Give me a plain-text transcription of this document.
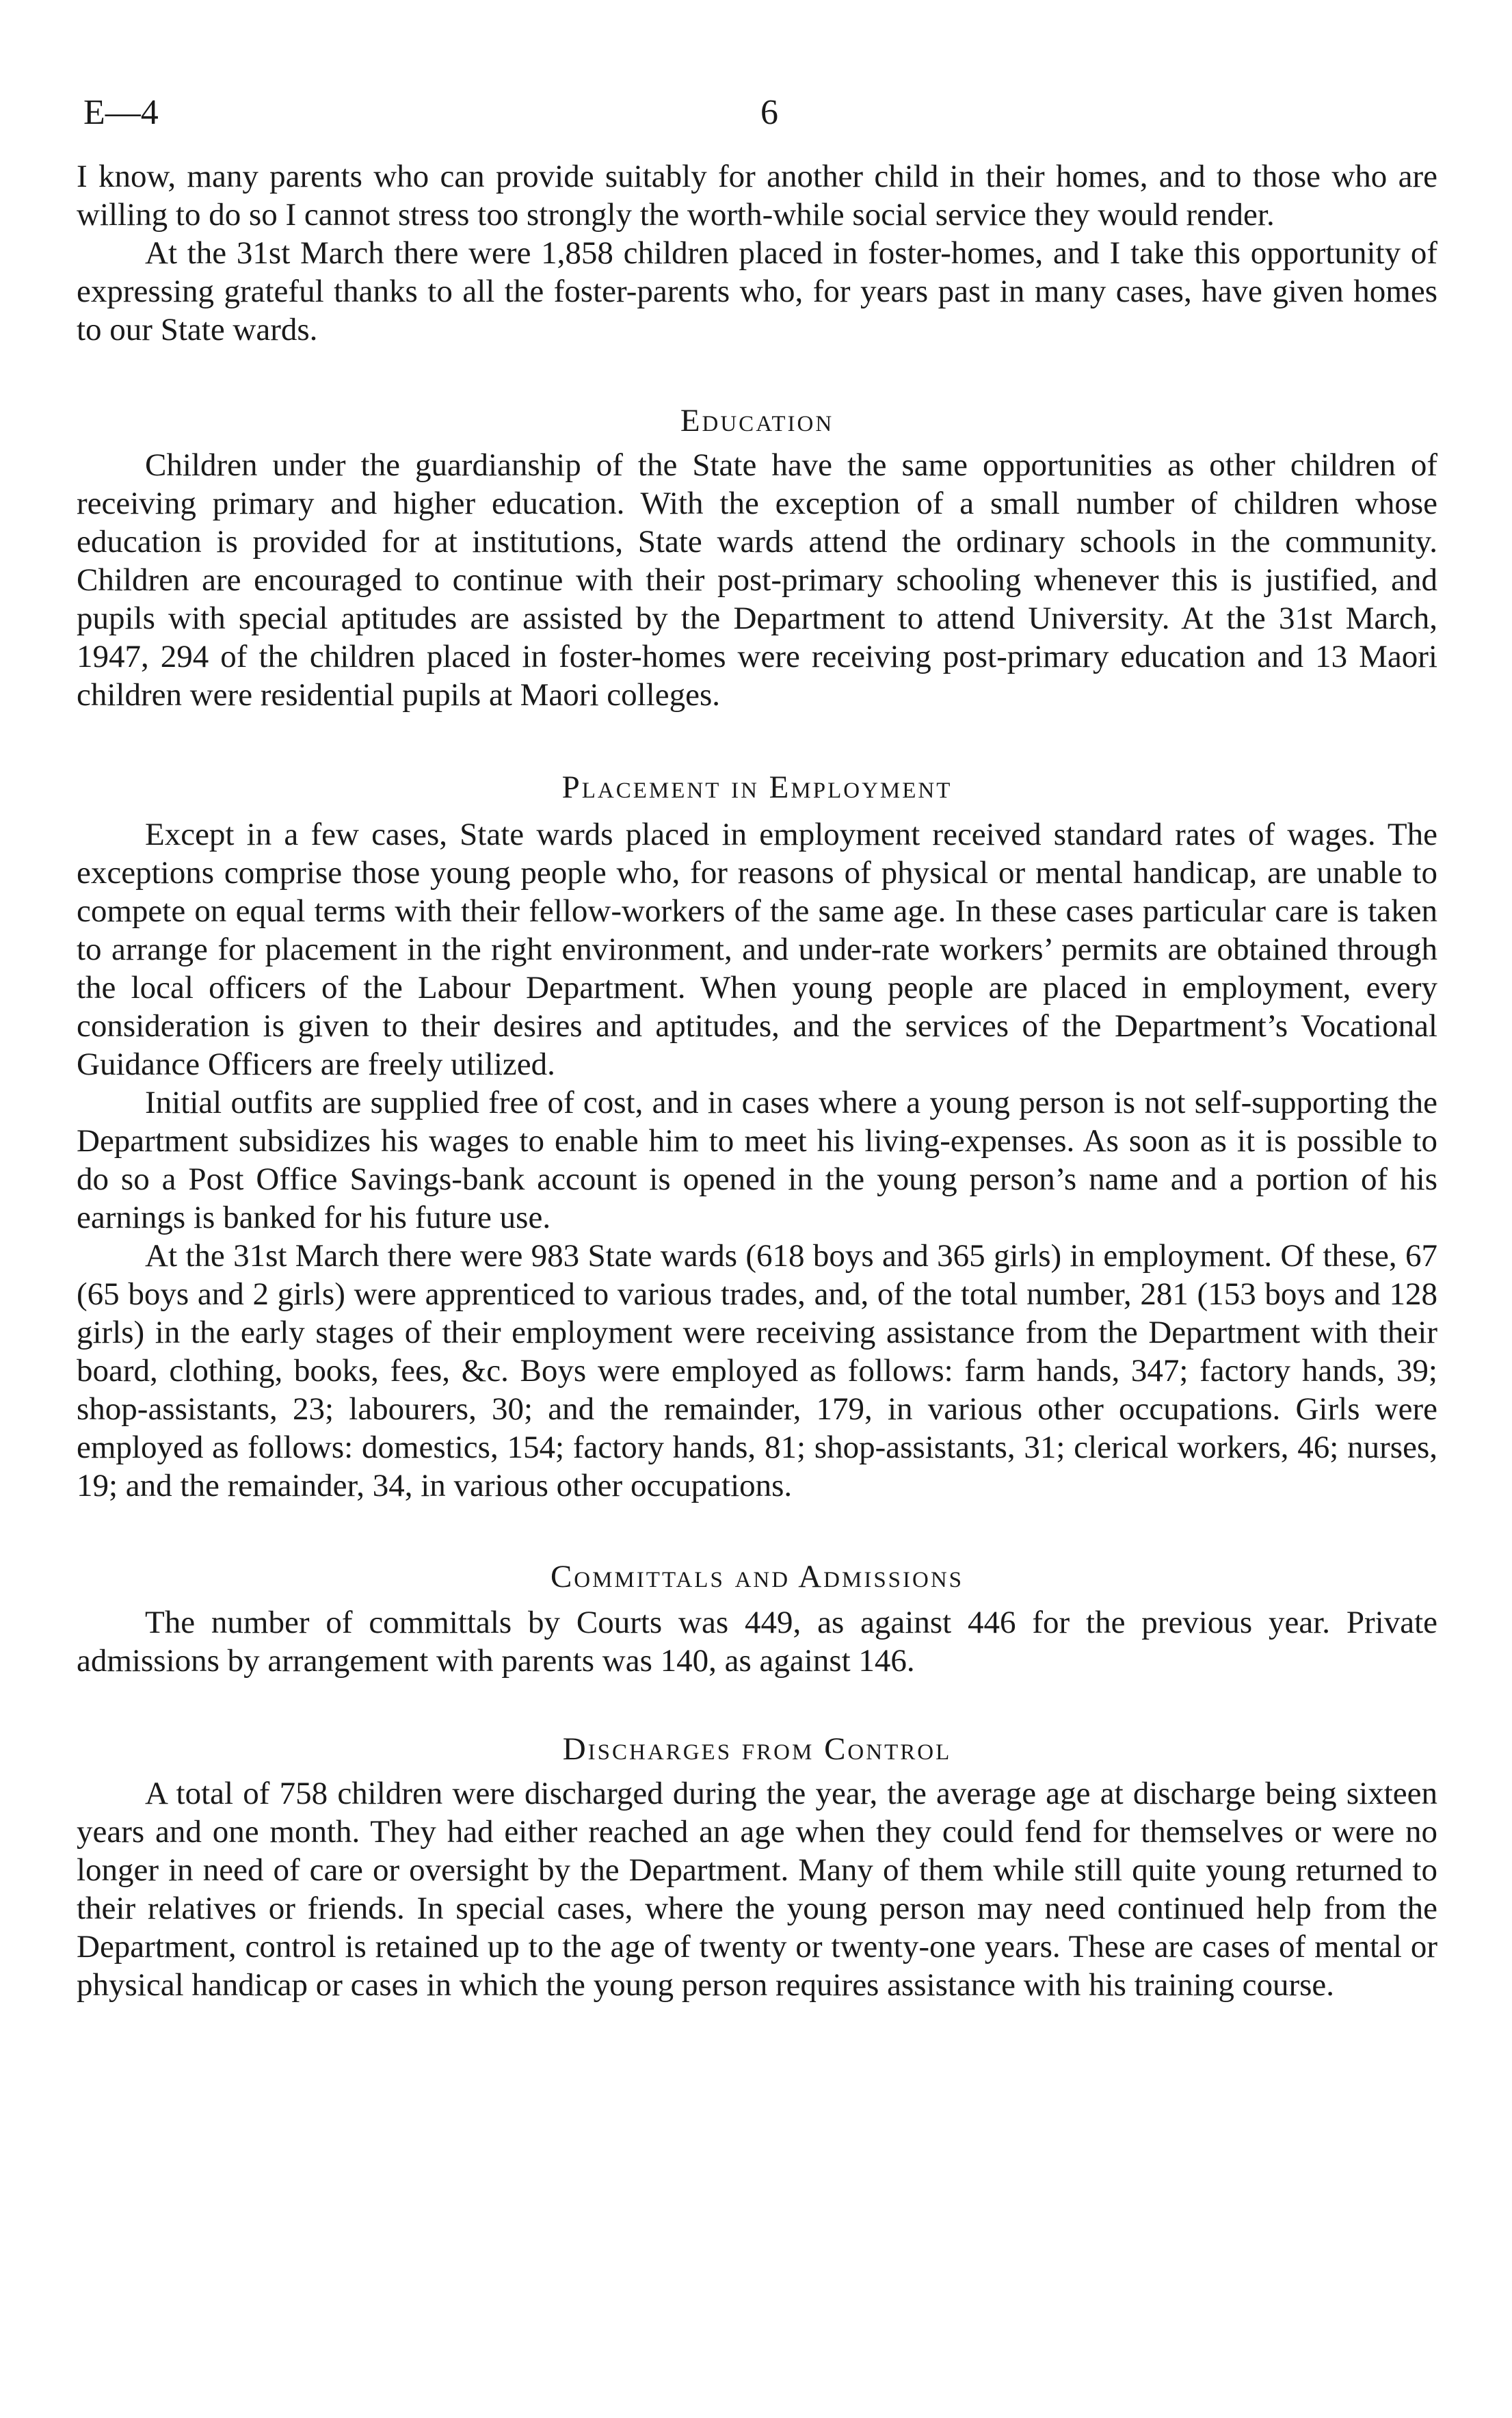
E—4	6

I know, many parents who can provide suitably for another child in their homes, and to those who are willing to do so I cannot stress too strongly the worth-while social service they would render.

At the 31st March there were 1,858 children placed in foster-homes, and I take this opportunity of expressing grateful thanks to all the foster-parents who, for years past in many cases, have given homes to our State wards.

Education

Children under the guardianship of the State have the same opportunities as other children of receiving primary and higher education. With the exception of a small number of children whose education is provided for at institutions, State wards attend the ordinary schools in the community. Children are encouraged to continue with their post-primary schooling whenever this is justified, and pupils with special aptitudes are assisted by the Department to attend University. At the 31st March, 1947, 294 of the children placed in foster-homes were receiving post-primary education and 13 Maori children were residential pupils at Maori colleges.

Placement in Employment

Except in a few cases, State wards placed in employment received standard rates of wages. The exceptions comprise those young people who, for reasons of physical or mental handicap, are unable to compete on equal terms with their fellow-workers of the same age. In these cases particular care is taken to arrange for placement in the right environment, and under-rate workers’ permits are obtained through the local officers of the Labour Department. When young people are placed in employment, every consideration is given to their desires and aptitudes, and the services of the Department’s Vocational Guidance Officers are freely utilized.

Initial outfits are supplied free of cost, and in cases where a young person is not self-supporting the Department subsidizes his wages to enable him to meet his living-expenses. As soon as it is possible to do so a Post Office Savings-bank account is opened in the young person’s name and a portion of his earnings is banked for his future use.

At the 31st March there were 983 State wards (618 boys and 365 girls) in employment. Of these, 67 (65 boys and 2 girls) were apprenticed to various trades, and, of the total number, 281 (153 boys and 128 girls) in the early stages of their employment were receiving assistance from the Department with their board, clothing, books, fees, &c. Boys were employed as follows: farm hands, 347; factory hands, 39; shop-assistants, 23; labourers, 30; and the remainder, 179, in various other occupations. Girls were employed as follows: domestics, 154; factory hands, 81; shop-assistants, 31; clerical workers, 46; nurses, 19; and the remainder, 34, in various other occupations.

Committals and Admissions

The number of committals by Courts was 449, as against 446 for the previous year. Private admissions by arrangement with parents was 140, as against 146.

Discharges from Control

A total of 758 children were discharged during the year, the average age at discharge being sixteen years and one month. They had either reached an age when they could fend for themselves or were no longer in need of care or oversight by the Department. Many of them while still quite young returned to their relatives or friends. In special cases, where the young person may need continued help from the Department, control is retained up to the age of twenty or twenty-one years. These are cases of mental or physical handicap or cases in which the young person requires assistance with his training course.
